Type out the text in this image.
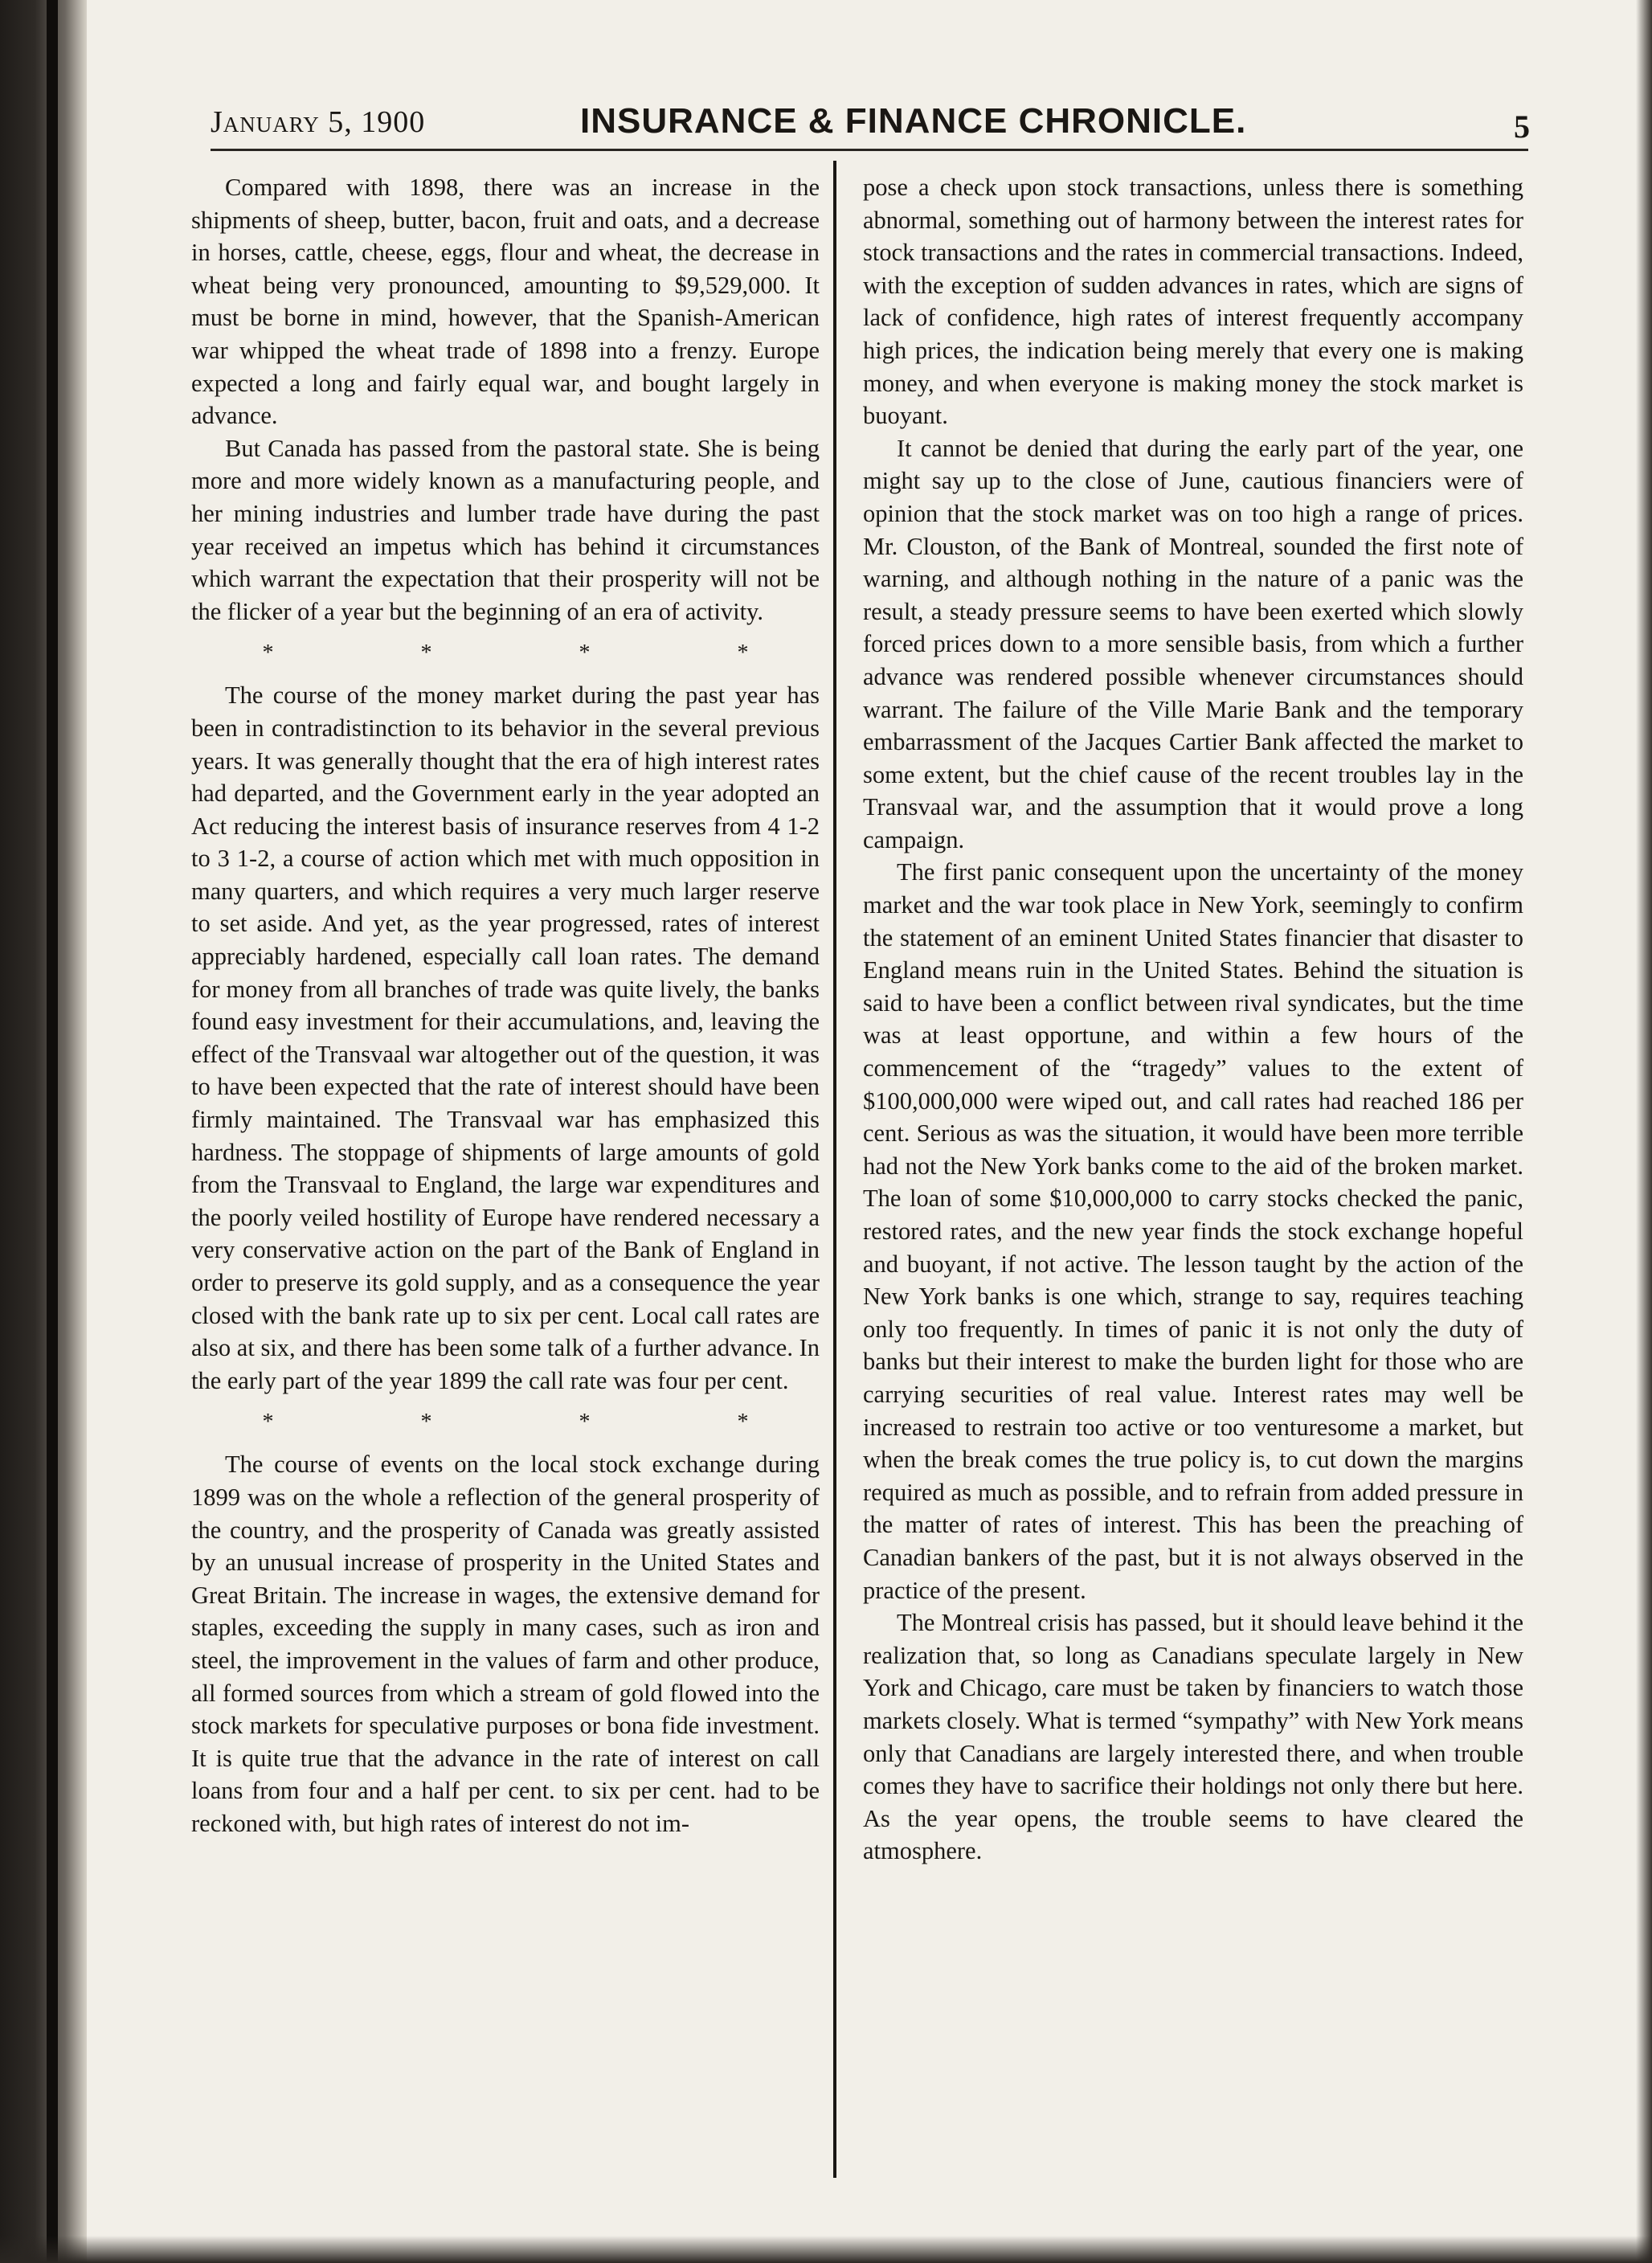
January 5, 1900	INSURANCE & FINANCE CHRONICLE.	5

Compared with 1898, there was an increase in the shipments of sheep, butter, bacon, fruit and oats, and a decrease in horses, cattle, cheese, eggs, flour and wheat, the decrease in wheat being very pronounced, amounting to $9,529,000. It must be borne in mind, however, that the Spanish-American war whipped the wheat trade of 1898 into a frenzy. Europe expected a long and fairly equal war, and bought largely in advance.

But Canada has passed from the pastoral state. She is being more and more widely known as a manufacturing people, and her mining industries and lumber trade have during the past year received an impetus which has behind it circumstances which warrant the expectation that their prosperity will not be the flicker of a year but the beginning of an era of activity.

* * * *

The course of the money market during the past year has been in contradistinction to its behavior in the several previous years. It was generally thought that the era of high interest rates had departed, and the Government early in the year adopted an Act reducing the interest basis of insurance reserves from 4 1-2 to 3 1-2, a course of action which met with much opposition in many quarters, and which requires a very much larger reserve to set aside. And yet, as the year progressed, rates of interest appreciably hardened, especially call loan rates. The demand for money from all branches of trade was quite lively, the banks found easy investment for their accumulations, and, leaving the effect of the Transvaal war altogether out of the question, it was to have been expected that the rate of interest should have been firmly maintained. The Transvaal war has emphasized this hardness. The stoppage of shipments of large amounts of gold from the Transvaal to England, the large war expenditures and the poorly veiled hostility of Europe have rendered necessary a very conservative action on the part of the Bank of England in order to preserve its gold supply, and as a consequence the year closed with the bank rate up to six per cent. Local call rates are also at six, and there has been some talk of a further advance. In the early part of the year 1899 the call rate was four per cent.

* * * *

The course of events on the local stock exchange during 1899 was on the whole a reflection of the general prosperity of the country, and the prosperity of Canada was greatly assisted by an unusual increase of prosperity in the United States and Great Britain. The increase in wages, the extensive demand for staples, exceeding the supply in many cases, such as iron and steel, the improvement in the values of farm and other produce, all formed sources from which a stream of gold flowed into the stock markets for speculative purposes or bona fide investment. It is quite true that the advance in the rate of interest on call loans from four and a half per cent. to six per cent. had to be reckoned with, but high rates of interest do not im-

pose a check upon stock transactions, unless there is something abnormal, something out of harmony between the interest rates for stock transactions and the rates in commercial transactions. Indeed, with the exception of sudden advances in rates, which are signs of lack of confidence, high rates of interest frequently accompany high prices, the indication being merely that every one is making money, and when everyone is making money the stock market is buoyant.

It cannot be denied that during the early part of the year, one might say up to the close of June, cautious financiers were of opinion that the stock market was on too high a range of prices. Mr. Clouston, of the Bank of Montreal, sounded the first note of warning, and although nothing in the nature of a panic was the result, a steady pressure seems to have been exerted which slowly forced prices down to a more sensible basis, from which a further advance was rendered possible whenever circumstances should warrant. The failure of the Ville Marie Bank and the temporary embarrassment of the Jacques Cartier Bank affected the market to some extent, but the chief cause of the recent troubles lay in the Transvaal war, and the assumption that it would prove a long campaign.

The first panic consequent upon the uncertainty of the money market and the war took place in New York, seemingly to confirm the statement of an eminent United States financier that disaster to England means ruin in the United States. Behind the situation is said to have been a conflict between rival syndicates, but the time was at least opportune, and within a few hours of the commencement of the “tragedy” values to the extent of $100,000,000 were wiped out, and call rates had reached 186 per cent. Serious as was the situation, it would have been more terrible had not the New York banks come to the aid of the broken market. The loan of some $10,000,000 to carry stocks checked the panic, restored rates, and the new year finds the stock exchange hopeful and buoyant, if not active. The lesson taught by the action of the New York banks is one which, strange to say, requires teaching only too frequently. In times of panic it is not only the duty of banks but their interest to make the burden light for those who are carrying securities of real value. Interest rates may well be increased to restrain too active or too venturesome a market, but when the break comes the true policy is, to cut down the margins required as much as possible, and to refrain from added pressure in the matter of rates of interest. This has been the preaching of Canadian bankers of the past, but it is not always observed in the practice of the present.

The Montreal crisis has passed, but it should leave behind it the realization that, so long as Canadians speculate largely in New York and Chicago, care must be taken by financiers to watch those markets closely. What is termed “sympathy” with New York means only that Canadians are largely interested there, and when trouble comes they have to sacrifice their holdings not only there but here. As the year opens, the trouble seems to have cleared the atmosphere.
